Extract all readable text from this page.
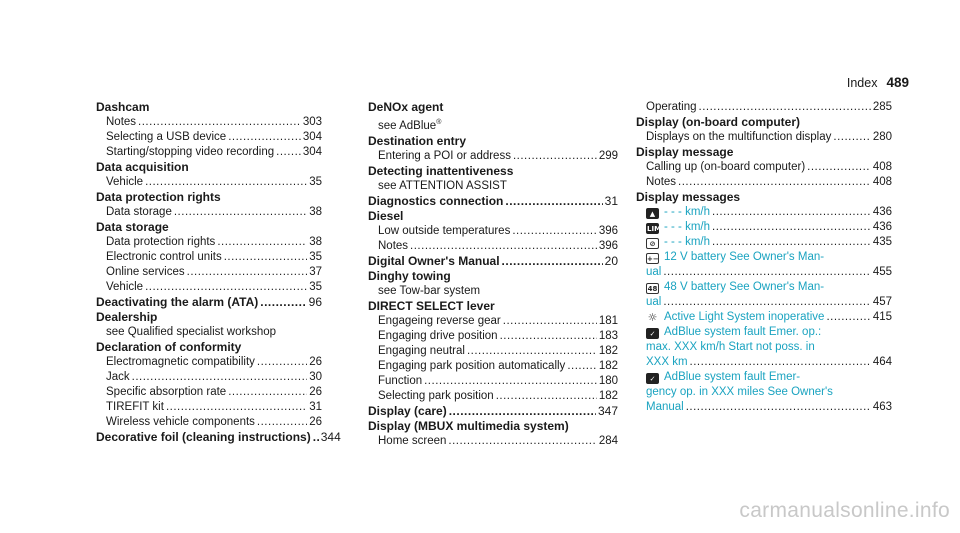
Index 489
Dashcam
Notes .....	303
Selecting a USB device .....	304
Starting/stopping video recording ..... 304
Data acquisition
Vehicle .....	35
Data protection rights
Data storage .....	38
Data storage
Data protection rights .....	38
Electronic control units .....	35
Online services .....	37
Vehicle .....	35
Deactivating the alarm (ATA) .....	96
Dealership
see Qualified specialist workshop
Declaration of conformity
Electromagnetic compatibility .....	26
Jack .....	30
Specific absorption rate .....	26
TIREFIT kit .....	31
Wireless vehicle components .....	26
Decorative foil (cleaning instructions) ..... 344
DeNOx agent
see AdBlue®
Destination entry
Entering a POI or address .....	299
Detecting inattentiveness
see ATTENTION ASSIST
Diagnostics connection .....	31
Diesel
Low outside temperatures .....	396
Notes .....	396
Digital Owner's Manual .....	20
Dinghy towing
see Tow-bar system
DIRECT SELECT lever
Engageing reverse gear .....	181
Engaging drive position .....	183
Engaging neutral .....	182
Engaging park position automatically .....	182
Function .....	180
Selecting park position .....	182
Display (care) .....	347
Display (MBUX multimedia system)
Home screen .....	284
Operating .....	285
Display (on-board computer)
Displays on the multifunction display .....	280
Display message
Calling up (on-board computer) .....	408
Notes .....	408
Display messages
▲ - - - km/h .....	436
LIM - - - km/h .....	436
⊘ - - - km/h .....	435
+− 12 V battery See Owner's Man-
ual .....	455
48 48 V battery See Owner's Man-
ual .....	457
☼ Active Light System inoperative .....	415
✓ AdBlue system fault Emer. op.:
max. XXX km/h Start not poss. in
XXX km .....	464
✓ AdBlue system fault Emer-
gency op. in XXX miles See Owner's
Manual .....	463
carmanualsonline.info
